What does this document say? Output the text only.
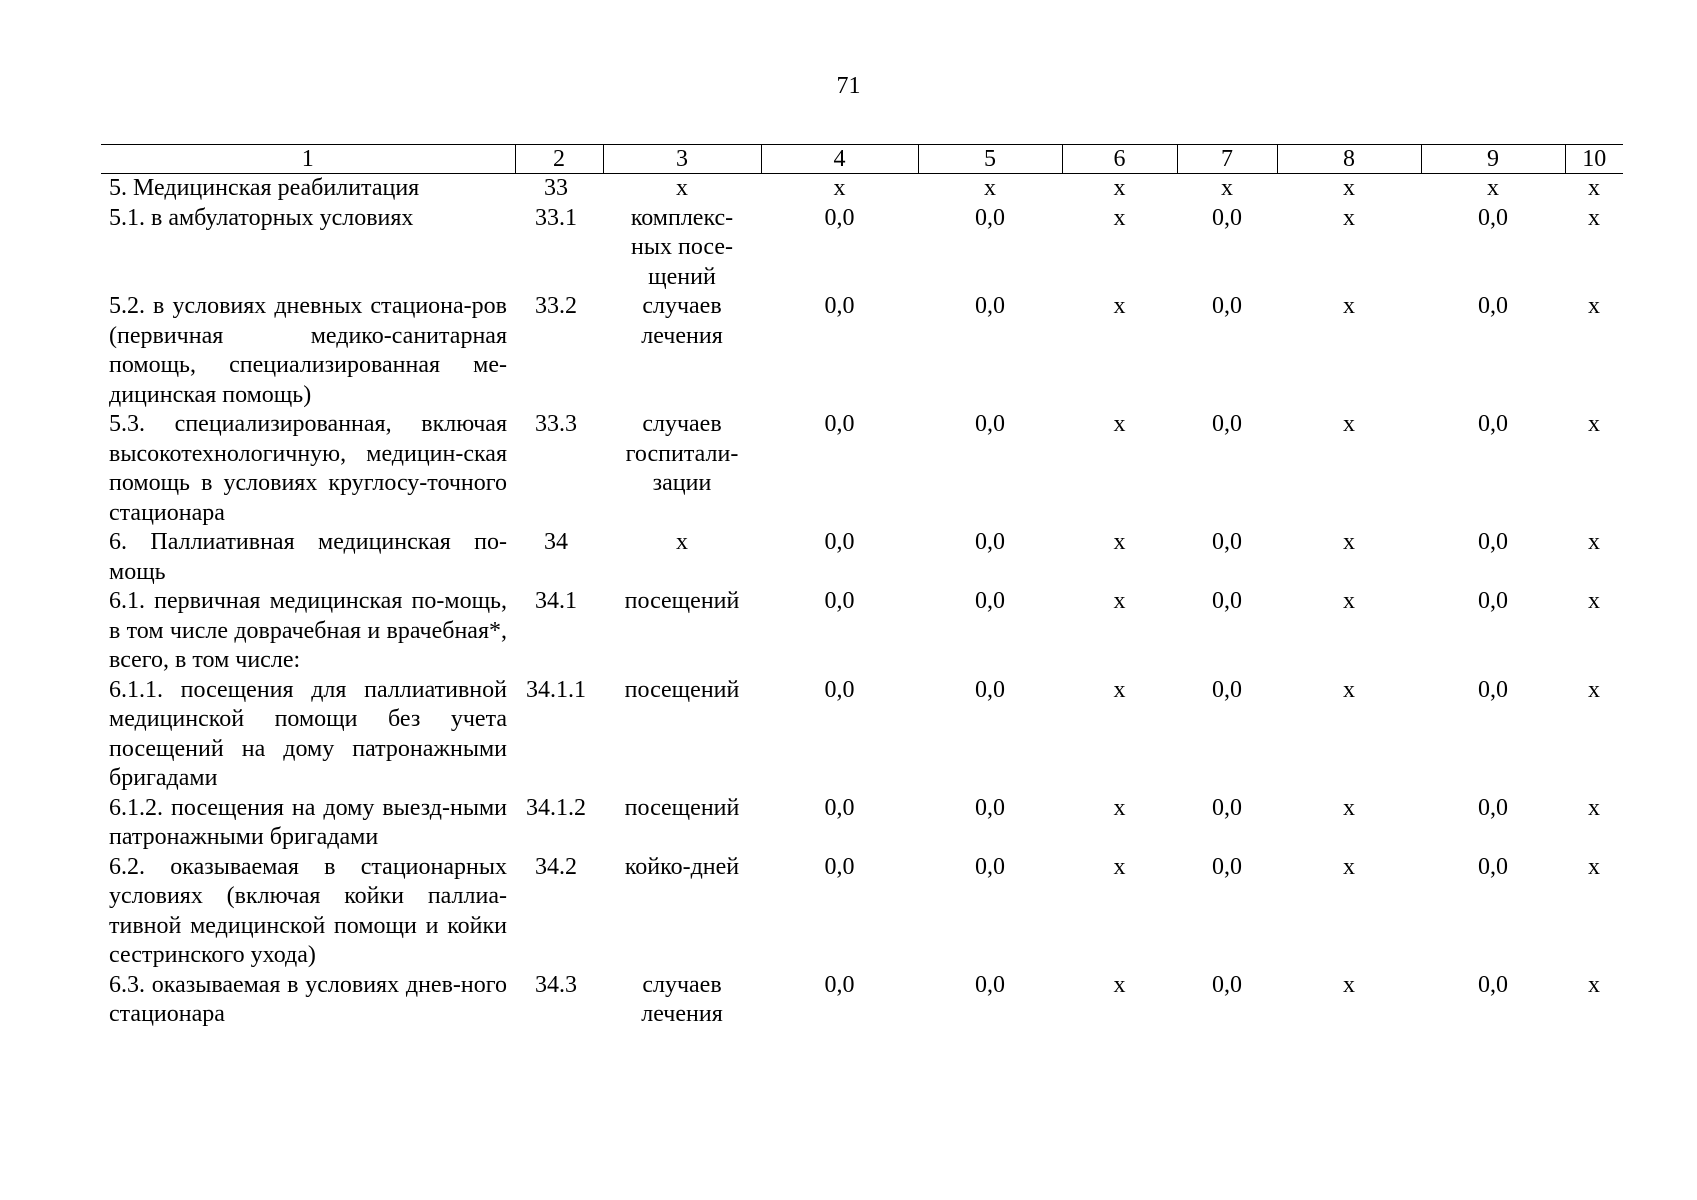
71
1	2	3	4	5	6	7	8	9	10
5. Медицинская реабилитация	33	х	х	х	х	х	х	х	х
5.1. в амбулаторных условиях	33.1	комплекс-
ных посе-
щений	0,0	0,0	х	0,0	х	0,0	х
5.2. в условиях дневных стациона-ров (первичная медико-санитарная помощь, специализированная ме-дицинская помощь)	33.2	случаев
лечения	0,0	0,0	х	0,0	х	0,0	х
5.3. специализированная, включая высокотехнологичную, медицин-ская помощь в условиях круглосу-точного стационара	33.3	случаев
госпитали-
зации	0,0	0,0	х	0,0	х	0,0	х
6. Паллиативная медицинская по-мощь	34	х	0,0	0,0	х	0,0	х	0,0	х
6.1. первичная медицинская по-мощь, в том числе доврачебная и врачебная*, всего, в том числе:	34.1	посещений	0,0	0,0	х	0,0	х	0,0	х
6.1.1. посещения для паллиативной медицинской помощи без учета посещений на дому патронажными бригадами	34.1.1	посещений	0,0	0,0	х	0,0	х	0,0	х
6.1.2. посещения на дому выезд-ными патронажными бригадами	34.1.2	посещений	0,0	0,0	х	0,0	х	0,0	х
6.2. оказываемая в стационарных условиях (включая койки паллиа-тивной медицинской помощи и койки сестринского ухода)	34.2	койко-дней	0,0	0,0	х	0,0	х	0,0	х
6.3. оказываемая в условиях днев-ного стационара	34.3	случаев
лечения	0,0	0,0	х	0,0	х	0,0	х
